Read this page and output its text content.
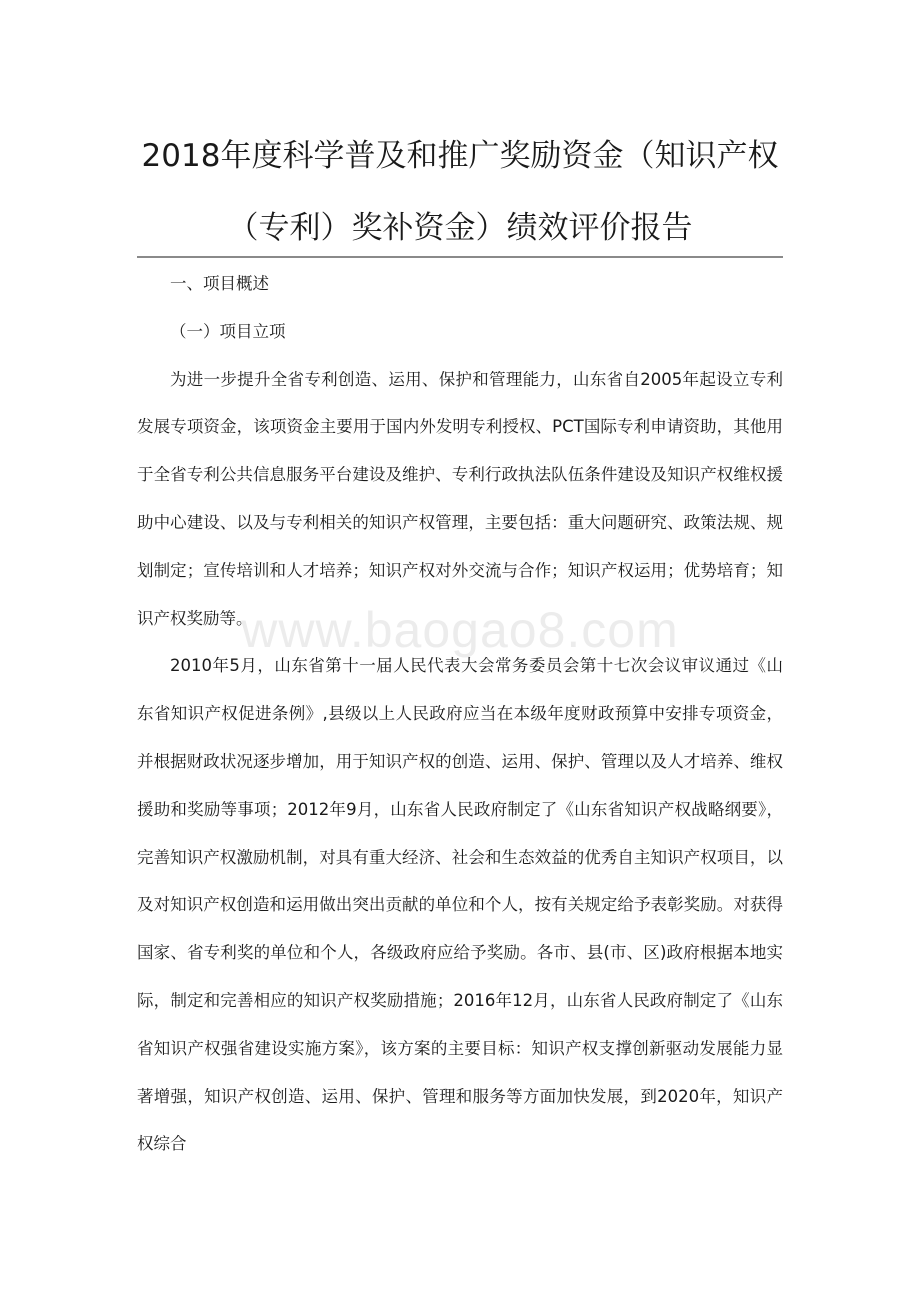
2018年度科学普及和推广奖励资金（知识产权（专利）奖补资金）绩效评价报告

一、项目概述

（一）项目立项

为进一步提升全省专利创造、运用、保护和管理能力，山东省自2005年起设立专利发展专项资金，该项资金主要用于国内外发明专利授权、PCT国际专利申请资助，其他用于全省专利公共信息服务平台建设及维护、专利行政执法队伍条件建设及知识产权维权援助中心建设、以及与专利相关的知识产权管理，主要包括：重大问题研究、政策法规、规划制定；宣传培训和人才培养；知识产权对外交流与合作；知识产权运用；优势培育；知识产权奖励等。

2010年5月，山东省第十一届人民代表大会常务委员会第十七次会议审议通过《山东省知识产权促进条例》,县级以上人民政府应当在本级年度财政预算中安排专项资金，并根据财政状况逐步增加，用于知识产权的创造、运用、保护、管理以及人才培养、维权援助和奖励等事项；2012年9月，山东省人民政府制定了《山东省知识产权战略纲要》，完善知识产权激励机制，对具有重大经济、社会和生态效益的优秀自主知识产权项目，以及对知识产权创造和运用做出突出贡献的单位和个人，按有关规定给予表彰奖励。对获得国家、省专利奖的单位和个人，各级政府应给予奖励。各市、县(市、区)政府根据本地实际，制定和完善相应的知识产权奖励措施；2016年12月，山东省人民政府制定了《山东省知识产权强省建设实施方案》，该方案的主要目标：知识产权支撑创新驱动发展能力显著增强，知识产权创造、运用、保护、管理和服务等方面加快发展，到2020年，知识产权综合

www.baogao8.com
